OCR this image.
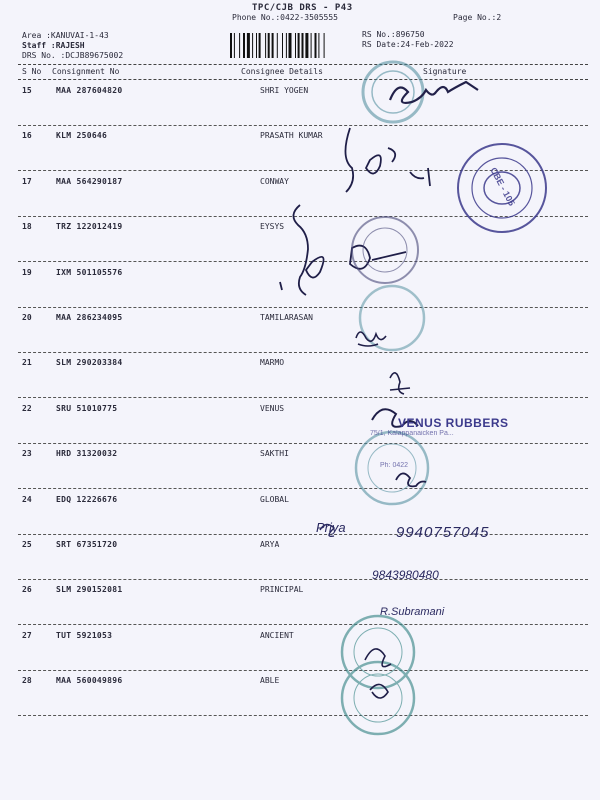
TPC/CJB DRS - P43
Phone No.:0422-3505555	Page No.:2
Area :KANUVAI-1-43
Staff :RAJESH
DRS No. :DCJB89675002
RS No.:896750
RS Date:24-Feb-2022
S No Consignment No	Consignee Details	Signature
15	MAA 287604820	SHRI YOGEN
16	KLM 250646	PRASATH KUMAR
17	MAA 564290187	CONWAY
18	TRZ 122012419	EYSYS
19	IXM 501105576
20	MAA 286234095	TAMILARASAN
21	SLM 290203384	MARMO
22	SRU 51010775	VENUS
23	HRD 31320032	SAKTHI
24	EDQ 12226676	GLOBAL
25	SRT 67351720	ARYA
26	SLM 290152081	PRINCIPAL
27	TUT 5921053	ANCIENT
28	MAA 560049896	ABLE
CBE - 105
VENUS RUBBERS
75/1, Kalappanaicken Pa...
Ph: 0422
Priya	9940757045
9843980480
R.Subramani
